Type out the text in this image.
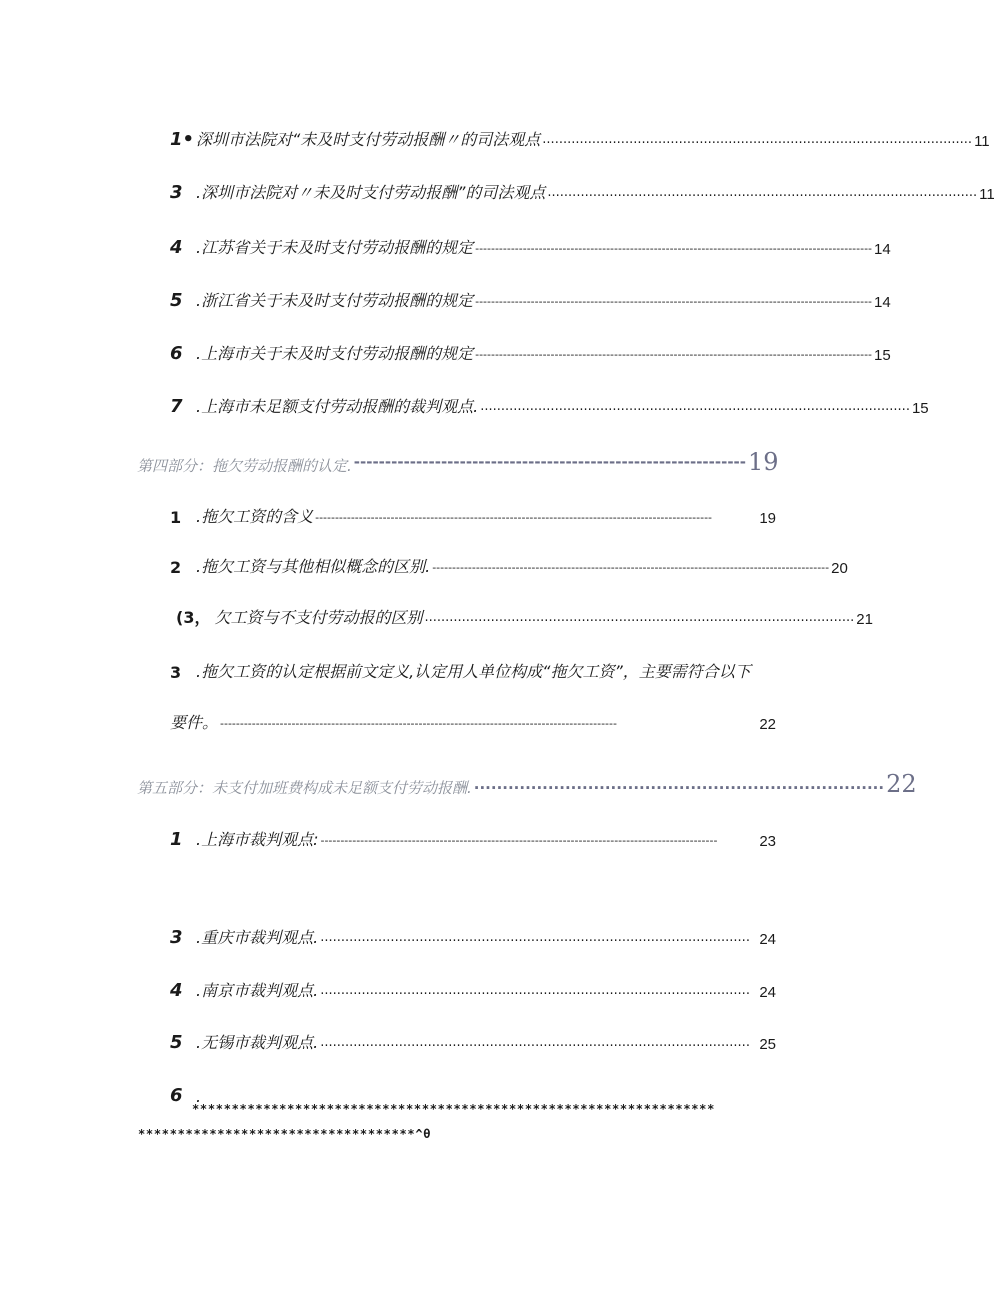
1• 深圳市法院对“未及时支付劳动报酬〃的司法观点 ........................................................................................................ 11
3 .深圳市法院对〃未及时支付劳动报酬”的司法观点 ........................................................................................................ 11
4 .江苏省关于未及时支付劳动报酬的规定 ---------------------------------------------------------------------------------------------------- 14
5 .浙江省关于未及时支付劳动报酬的规定 ---------------------------------------------------------------------------------------------------- 14
6 .上海市关于未及时支付劳动报酬的规定 ---------------------------------------------------------------------------------------------------- 15
7 .上海市未足额支付劳动报酬的裁判观点. ........................................................................................................ 15
第四部分：拖欠劳动报酬的认定. --------------------------------------------------------------- 19
1 .拖欠工资的含义 ----------------------------------------------------------------------------------------------------	19
2 .拖欠工资与其他相似概念的区别. ---------------------------------------------------------------------------------------------------- 20
(3， 欠工资与不支付劳动报的区别 ........................................................................................................ 21
3 .拖欠工资的认定根据前文定义,认定用人单位构成“拖欠工资”，主要需符合以下
要件。 ----------------------------------------------------------------------------------------------------	22
第五部分：未支付加班费构成未足额支付劳动报酬. ........................................................................ 22
1 .上海市裁判观点: ----------------------------------------------------------------------------------------------------	23
3 .重庆市裁判观点. ........................................................................................................ 24
4 .南京市裁判观点. ........................................................................................................ 24
5 .无锡市裁判观点. ........................................................................................................ 25
6 .
******************************************************************
***********************************^θ
